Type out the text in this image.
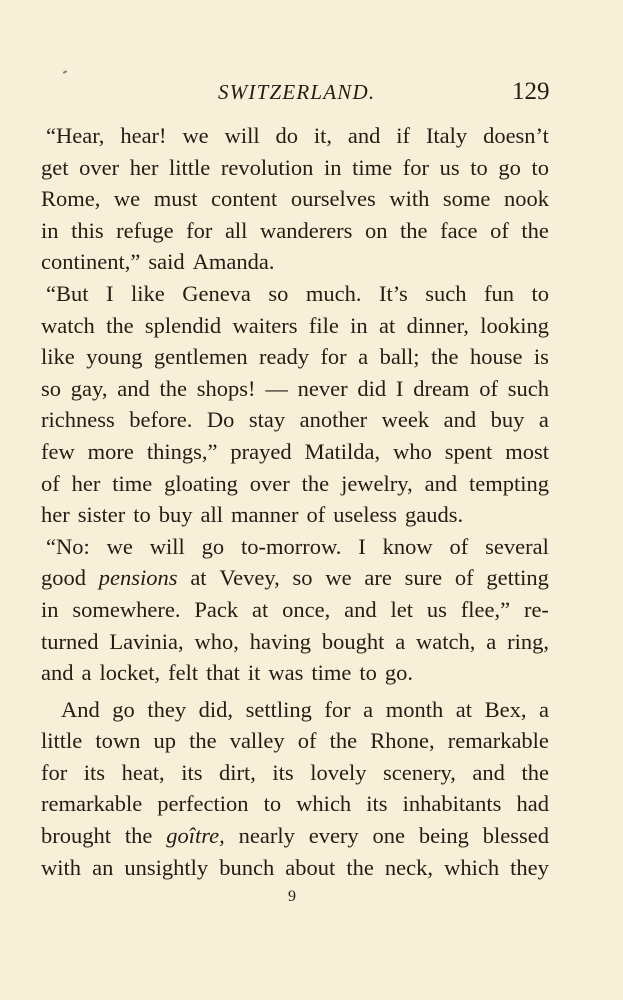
SWITZERLAND.	129
“Hear, hear! we will do it, and if Italy doesn’t
get over her little revolution in time for us to go to
Rome, we must content ourselves with some nook
in this refuge for all wanderers on the face of the
continent,” said Amanda.
“But I like Geneva so much. It’s such fun to
watch the splendid waiters file in at dinner, looking
like young gentlemen ready for a ball; the house is
so gay, and the shops! — never did I dream of such
richness before. Do stay another week and buy a
few more things,” prayed Matilda, who spent most
of her time gloating over the jewelry, and tempting
her sister to buy all manner of useless gauds.
“No: we will go to-morrow. I know of several
good pensions at Vevey, so we are sure of getting
in somewhere. Pack at once, and let us flee,” re-
turned Lavinia, who, having bought a watch, a ring,
and a locket, felt that it was time to go.
And go they did, settling for a month at Bex, a
little town up the valley of the Rhone, remarkable
for its heat, its dirt, its lovely scenery, and the
remarkable perfection to which its inhabitants had
brought the goître, nearly every one being blessed
with an unsightly bunch about the neck, which they
9
